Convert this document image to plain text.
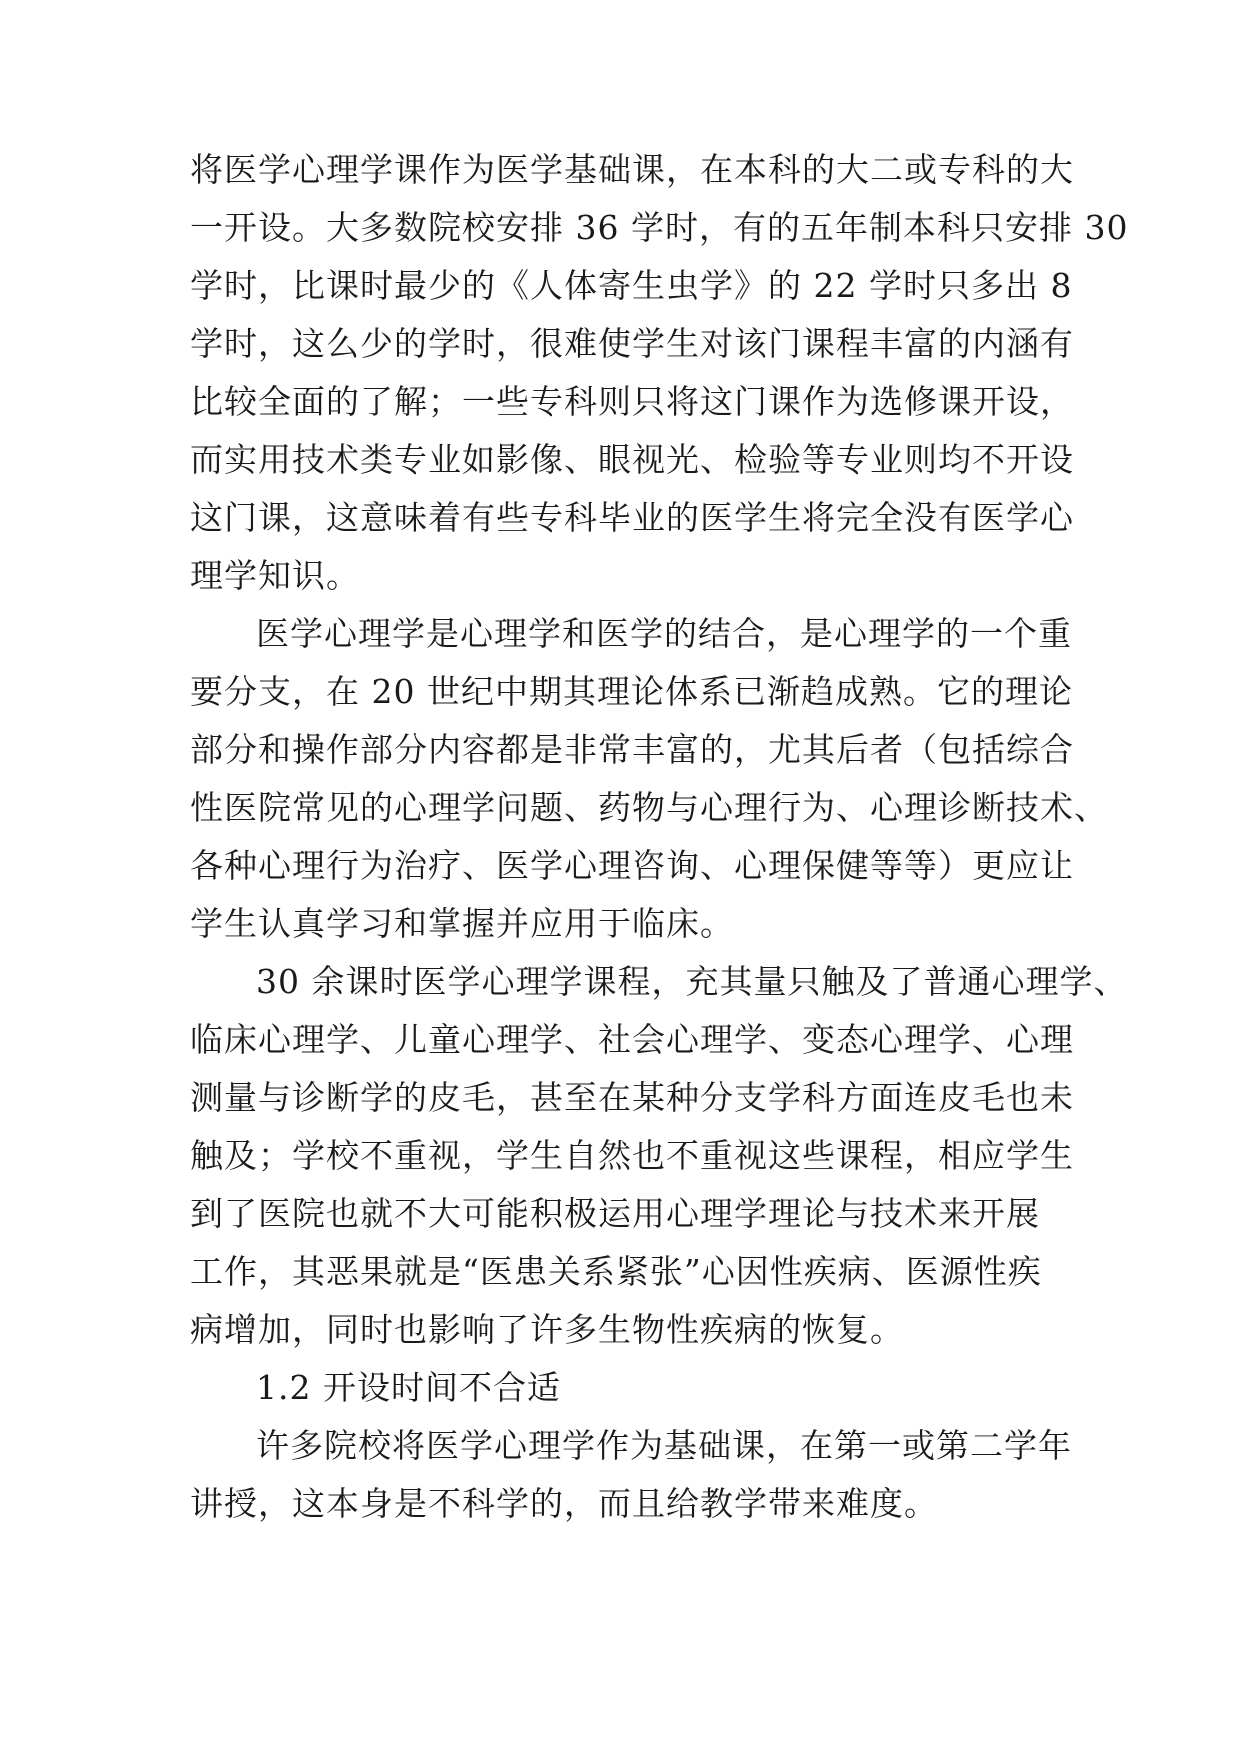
将医学心理学课作为医学基础课，在本科的大二或专科的大
一开设。大多数院校安排 36 学时，有的五年制本科只安排 30
学时，比课时最少的《人体寄生虫学》的 22 学时只多出 8
学时，这么少的学时，很难使学生对该门课程丰富的内涵有
比较全面的了解；一些专科则只将这门课作为选修课开设，
而实用技术类专业如影像、眼视光、检验等专业则均不开设
这门课，这意味着有些专科毕业的医学生将完全没有医学心
理学知识。
医学心理学是心理学和医学的结合，是心理学的一个重
要分支，在 20 世纪中期其理论体系已渐趋成熟。它的理论
部分和操作部分内容都是非常丰富的，尤其后者（包括综合
性医院常见的心理学问题、药物与心理行为、心理诊断技术、
各种心理行为治疗、医学心理咨询、心理保健等等）更应让
学生认真学习和掌握并应用于临床。
30 余课时医学心理学课程，充其量只触及了普通心理学、
临床心理学、儿童心理学、社会心理学、变态心理学、心理
测量与诊断学的皮毛，甚至在某种分支学科方面连皮毛也未
触及；学校不重视，学生自然也不重视这些课程，相应学生
到了医院也就不大可能积极运用心理学理论与技术来开展
工作，其恶果就是“医患关系紧张”心因性疾病、医源性疾
病增加，同时也影响了许多生物性疾病的恢复。
1.2 开设时间不合适
许多院校将医学心理学作为基础课，在第一或第二学年
讲授，这本身是不科学的，而且给教学带来难度。
